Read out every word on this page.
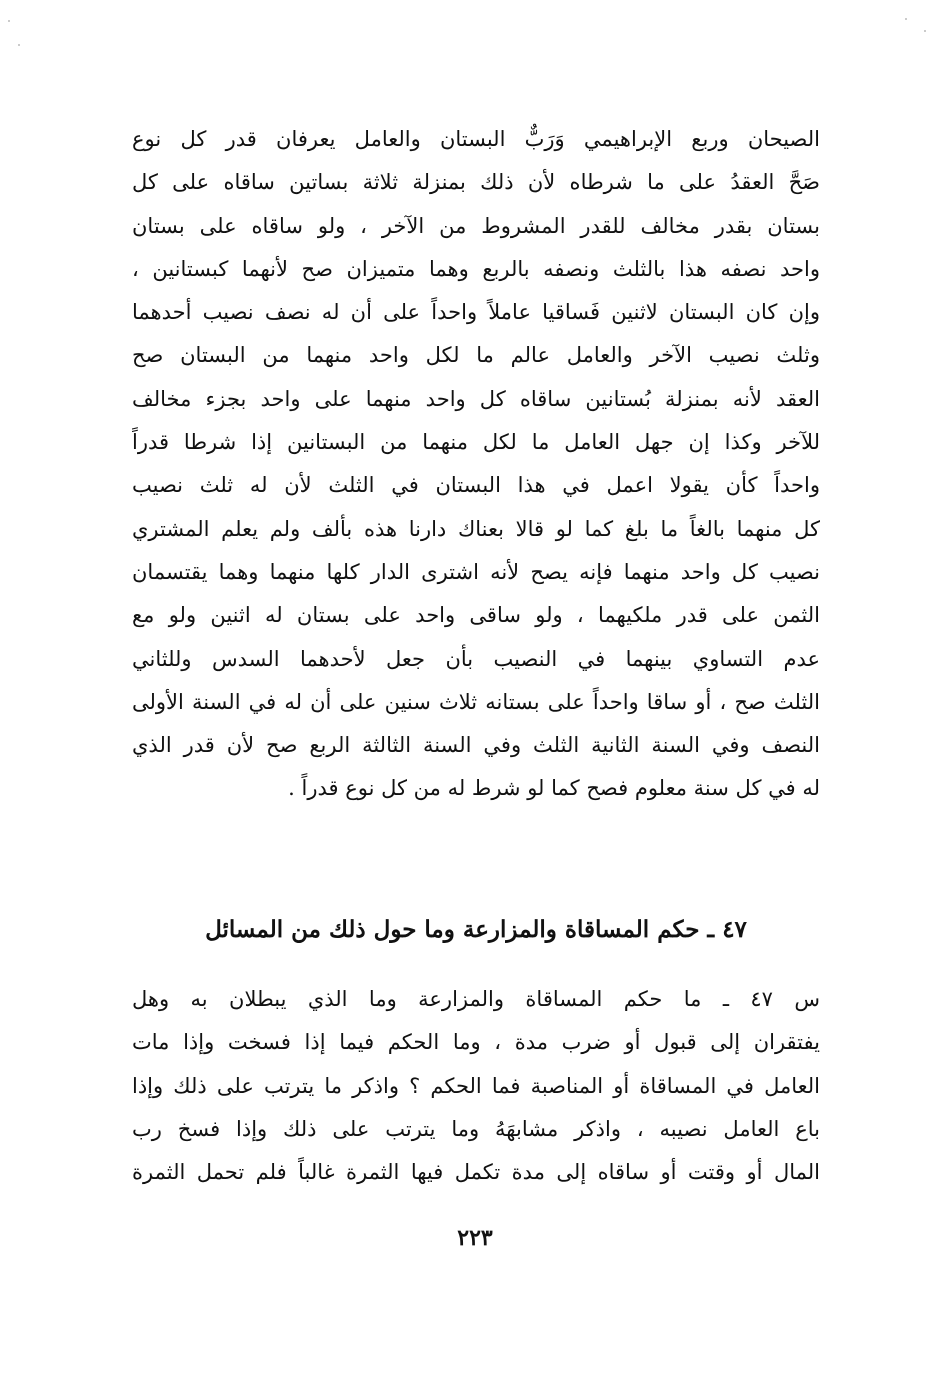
الصيحان وربع الإبراهيمي وَرَبٌّ البستان والعامل يعرفان قدر كل نوع
صَحَّ العقدُ على ما شرطاه لأن ذلك بمنزلة ثلاثة بساتين ساقاه على كل
بستان بقدر مخالف للقدر المشروط من الآخر ، ولو ساقاه على بستان
واحد نصفه هذا بالثلث ونصفه بالربع وهما متميزان صح لأنهما كبستانين ،
وإن كان البستان لاثنين فَساقيا عاملاً واحداً على أن له نصف نصيب أحدهما
وثلث نصيب الآخر والعامل عالم ما لكل واحد منهما من البستان صح
العقد لأنه بمنزلة بُستانين ساقاه كل واحد منهما على واحد بجزء مخالف
للآخر وكذا إن جهل العامل ما لكل منهما من البستانين إذا شرطا قدراً
واحداً كأن يقولا اعمل في هذا البستان في الثلث لأن له ثلث نصيب
كل منهما بالغاً ما بلغ كما لو قالا بعناك دارنا هذه بألف ولم يعلم المشتري
نصيب كل واحد منهما فإنه يصح لأنه اشترى الدار كلها منهما وهما يقتسمان
الثمن على قدر ملكيهما ، ولو ساقى واحد على بستان له اثنين ولو مع
عدم التساوي بينهما في النصيب بأن جعل لأحدهما السدس وللثاني
الثلث صح ، أو ساقا واحداً على بستانه ثلاث سنين على أن له في السنة الأولى
النصف وفي السنة الثانية الثلث وفي السنة الثالثة الربع صح لأن قدر الذي
له في كل سنة معلوم فصح كما لو شرط له من كل نوع قدراً .
٤٧ ـ حكم المساقاة والمزارعة وما حول ذلك من المسائل
س ٤٧ ـ ما حكم المساقاة والمزارعة وما الذي يبطلان به وهل
يفتقران إلى قبول أو ضرب مدة ، وما الحكم فيما إذا فسخت وإذا مات
العامل في المساقاة أو المناصبة فما الحكم ؟ واذكر ما يترتب على ذلك وإذا
باع العامل نصيبه ، واذكر مشابهَهُ وما يترتب على ذلك وإذا فسخ رب
المال أو وقتت أو ساقاه إلى مدة تكمل فيها الثمرة غالباً فلم تحمل الثمرة
٢٢٣
